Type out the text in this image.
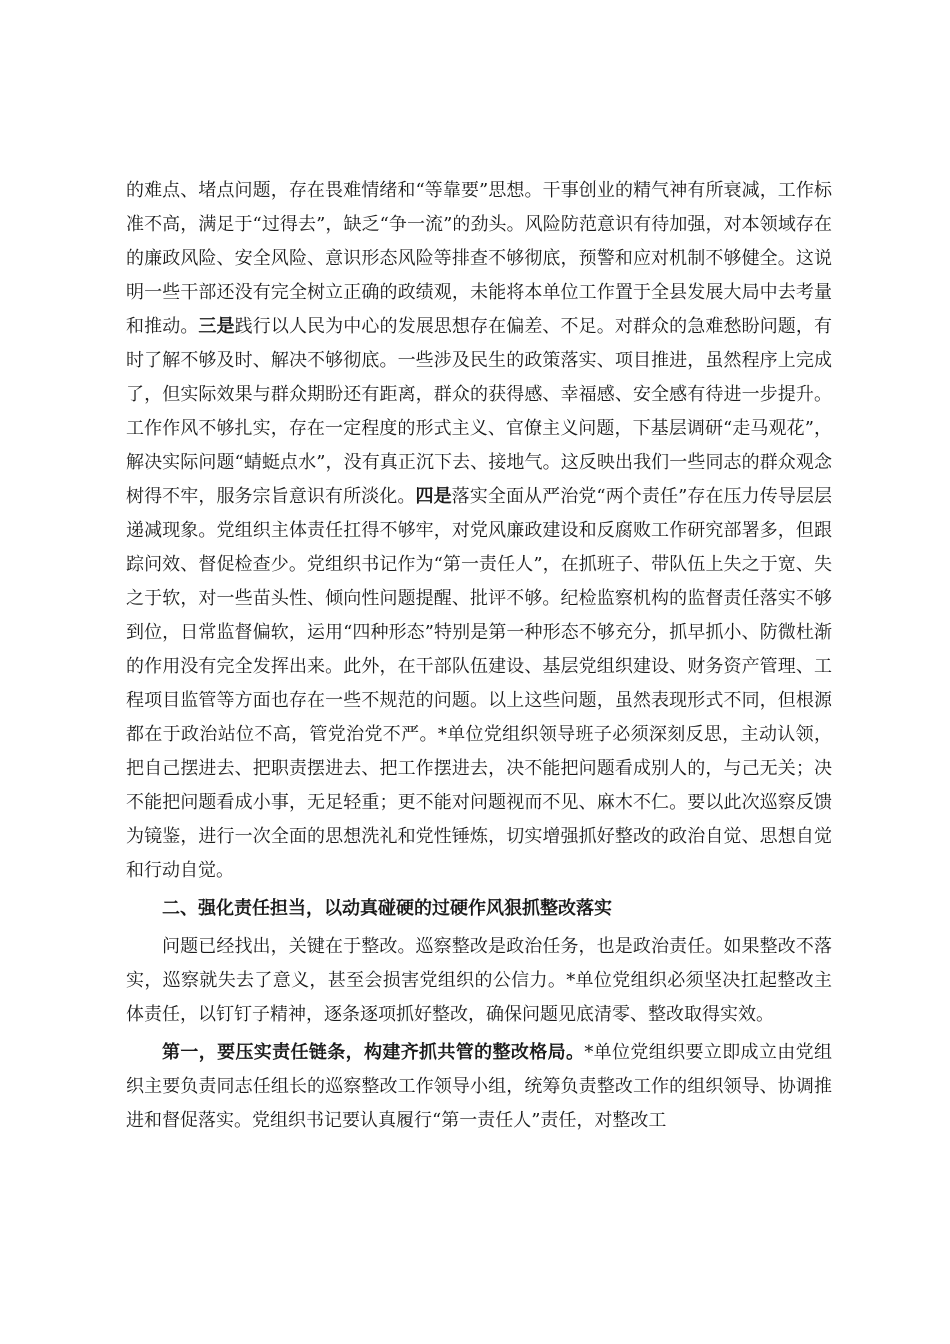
的难点、堵点问题，存在畏难情绪和“等靠要”思想。干事创业的精气神有所衰减，工作标准不高，满足于“过得去”，缺乏“争一流”的劲头。风险防范意识有待加强，对本领域存在的廉政风险、安全风险、意识形态风险等排查不够彻底，预警和应对机制不够健全。这说明一些干部还没有完全树立正确的政绩观，未能将本单位工作置于全县发展大局中去考量和推动。三是践行以人民为中心的发展思想存在偏差、不足。对群众的急难愁盼问题，有时了解不够及时、解决不够彻底。一些涉及民生的政策落实、项目推进，虽然程序上完成了，但实际效果与群众期盼还有距离，群众的获得感、幸福感、安全感有待进一步提升。工作作风不够扎实，存在一定程度的形式主义、官僚主义问题，下基层调研“走马观花”，解决实际问题“蜻蜓点水”，没有真正沉下去、接地气。这反映出我们一些同志的群众观念树得不牢，服务宗旨意识有所淡化。四是落实全面从严治党“两个责任”存在压力传导层层递减现象。党组织主体责任扛得不够牢，对党风廉政建设和反腐败工作研究部署多，但跟踪问效、督促检查少。党组织书记作为“第一责任人”，在抓班子、带队伍上失之于宽、失之于软，对一些苗头性、倾向性问题提醒、批评不够。纪检监察机构的监督责任落实不够到位，日常监督偏软，运用“四种形态”特别是第一种形态不够充分，抓早抓小、防微杜渐的作用没有完全发挥出来。此外，在干部队伍建设、基层党组织建设、财务资产管理、工程项目监管等方面也存在一些不规范的问题。以上这些问题，虽然表现形式不同，但根源都在于政治站位不高，管党治党不严。*单位党组织领导班子必须深刻反思，主动认领，把自己摆进去、把职责摆进去、把工作摆进去，决不能把问题看成别人的，与己无关；决不能把问题看成小事，无足轻重；更不能对问题视而不见、麻木不仁。要以此次巡察反馈为镜鉴，进行一次全面的思想洗礼和党性锤炼，切实增强抓好整改的政治自觉、思想自觉和行动自觉。

二、强化责任担当，以动真碰硬的过硬作风狠抓整改落实

问题已经找出，关键在于整改。巡察整改是政治任务，也是政治责任。如果整改不落实，巡察就失去了意义，甚至会损害党组织的公信力。*单位党组织必须坚决扛起整改主体责任，以钉钉子精神，逐条逐项抓好整改，确保问题见底清零、整改取得实效。

第一，要压实责任链条，构建齐抓共管的整改格局。*单位党组织要立即成立由党组织主要负责同志任组长的巡察整改工作领导小组，统筹负责整改工作的组织领导、协调推进和督促落实。党组织书记要认真履行“第一责任人”责任，对整改工
